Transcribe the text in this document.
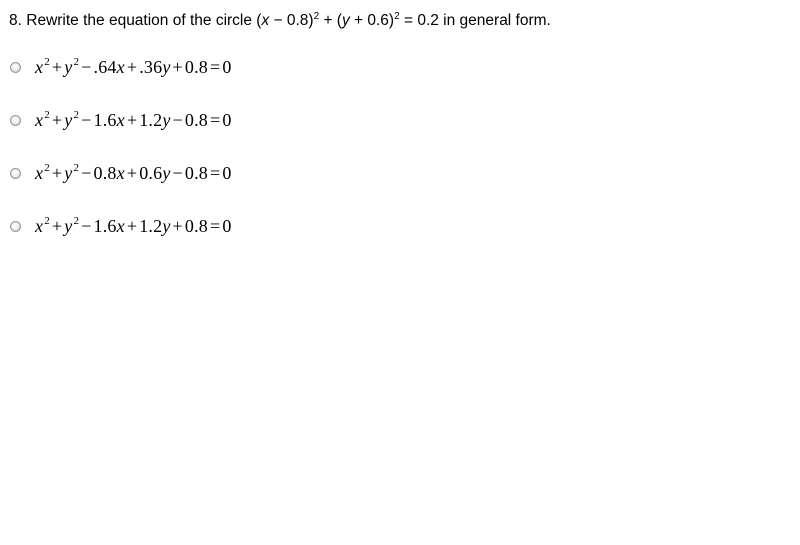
8. Rewrite the equation of the circle $(x - 0.8)^2 + (y + 0.6)^2 = 0.2$ in general form.
x 2 + y 2 − .64 x + .36 y + 0.8 = 0
x 2 + y 2 − 1.6 x + 1.2 y − 0.8 = 0
x 2 + y 2 − 0.8 x + 0.6 y − 0.8 = 0
x 2 + y 2 − 1.6 x + 1.2 y + 0.8 = 0
